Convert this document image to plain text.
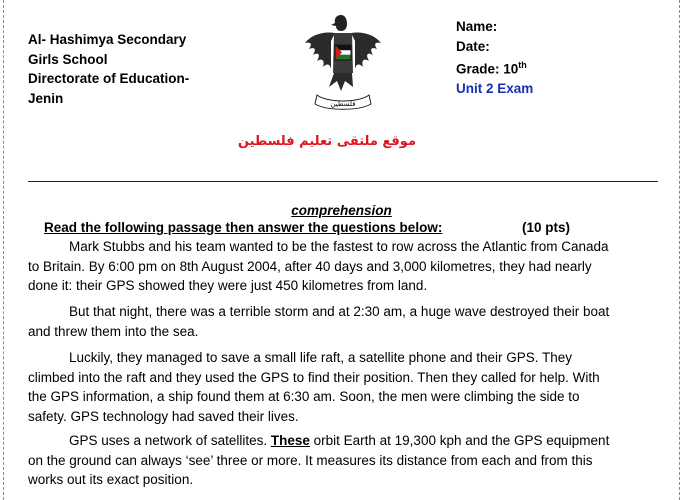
Al- Hashimya Secondary
Girls School
Directorate of Education-
Jenin	فلسطين
Name:
Date:
Grade: 10th
Unit 2 Exam
موقع ملتقى تعليم فلسطين
comprehension
Read the following passage then answer the questions below:	(10 pts)
Mark Stubbs and his team wanted to be the fastest to row across the Atlantic from Canada
to Britain. By 6:00 pm on 8th August 2004, after 40 days and 3,000 kilometres, they had nearly
done it: their GPS showed they were just 450 kilometres from land.
But that night, there was a terrible storm and at 2:30 am, a huge wave destroyed their boat
and threw them into the sea.
Luckily, they managed to save a small life raft, a satellite phone and their GPS. They
climbed into the raft and they used the GPS to find their position. Then they called for help. With
the GPS information, a ship found them at 6:30 am. Soon, the men were climbing the side to
safety. GPS technology had saved their lives.
GPS uses a network of satellites. These orbit Earth at 19,300 kph and the GPS equipment
on the ground can always ‘see’ three or more. It measures its distance from each and from this
works out its exact position.
